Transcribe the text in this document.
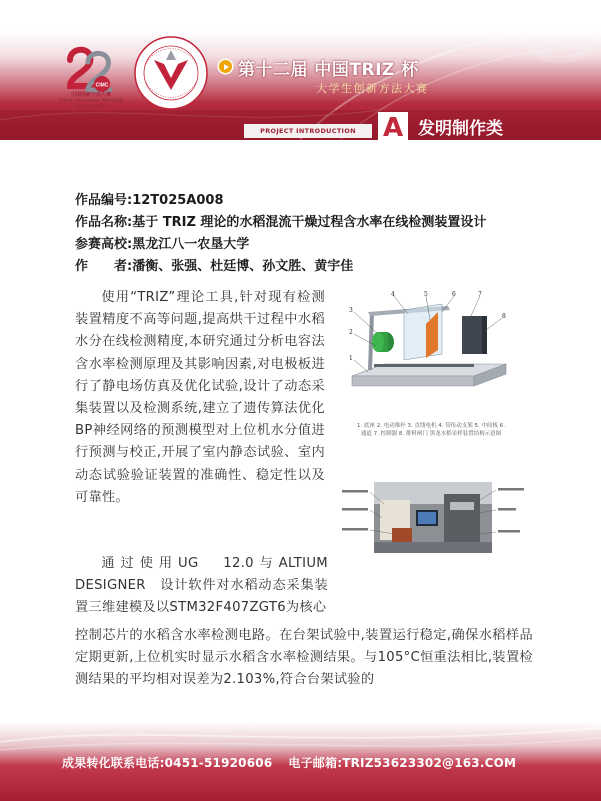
CIMC
中国创新方法大赛
China Innovation Methods Competition
第十二届 中国TRIZ 杯
大学生创新方法大赛
PROJECT INTRODUCTION	A 发明制作类
作品编号:12T025A008
作品名称:基于 TRIZ 理论的水稻混流干燥过程含水率在线检测装置设计
参赛高校:黑龙江八一农垦大学
作　　者:潘衡、张强、杜廷博、孙文胜、黄宇佳
使用“TRIZ”理论工具,针对现有检测装置精度不高等问题,提高烘干过程中水稻水分在线检测精度,本研究通过分析电容法含水率检测原理及其影响因素,对电极板进行了静电场仿真及优化试验,设计了动态采集装置以及检测系统,建立了遗传算法优化BP神经网络的预测模型对上位机水分值进行预测与校正,开展了室内静态试验、室内动态试验验证装置的准确性、稳定性以及可靠性。
通过使用UG　12.0与ALTIUM　DESIGNER　设计软件对水稻动态采集装置三维建模及以STM32F407ZGT6为核心
控制芯片的水稻含水率检测电路。在台架试验中,装置运行稳定,确保水稻样品定期更新,上位机实时显示水稻含水率检测结果。与105°C恒重法相比,装置检测结果的平均相对误差为2.103%,符合台架试验的
3
2
1
4	5	6	7
8
1. 底座 2. 电动推杆 3. 直线电机 4. 带传动支架 5. 中间板 6. 通道 7. 控制器 8. 排料闸门 黑龙水稻采样装置结构示意图
成果转化联系电话:0451-51920606 电子邮箱:TRIZ53623302@163.COM
